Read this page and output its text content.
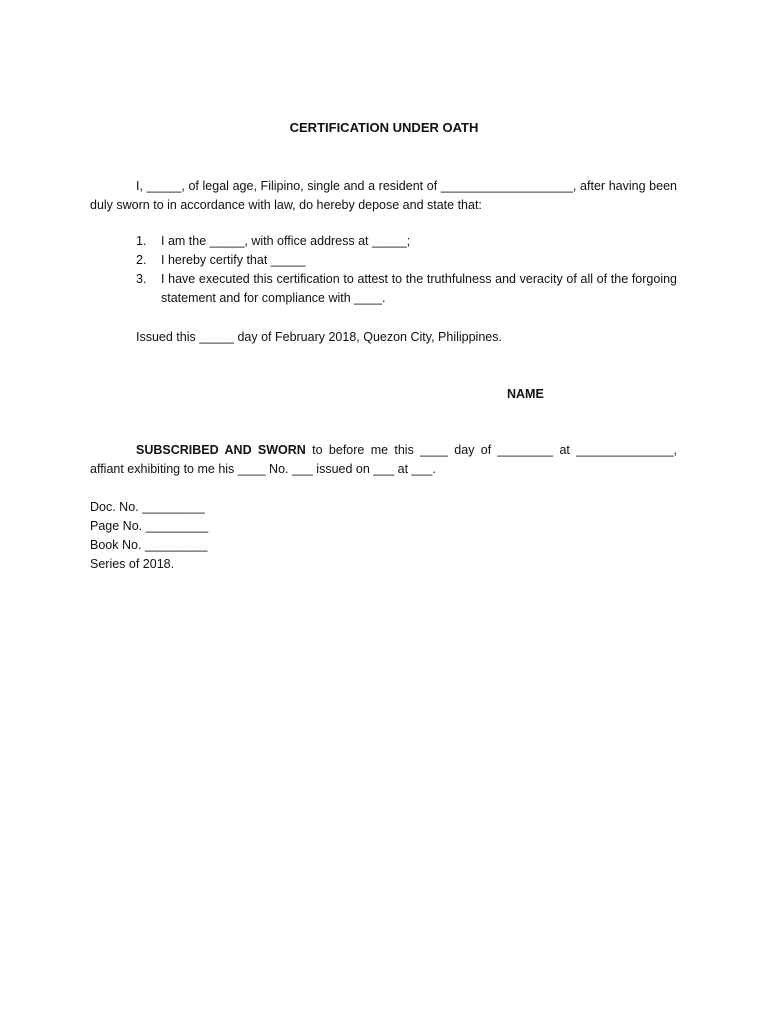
CERTIFICATION UNDER OATH

I, _____, of legal age, Filipino, single and a resident of ___________________, after having been duly sworn to in accordance with law, do hereby depose and state that:

1. I am the _____, with office address at _____;
2. I hereby certify that _____
3. I have executed this certification to attest to the truthfulness and veracity of all of the forgoing statement and for compliance with ____.

Issued this _____ day of February 2018, Quezon City, Philippines.

NAME

SUBSCRIBED AND SWORN to before me this ____ day of ________ at ______________, affiant exhibiting to me his ____ No. ___ issued on ___ at ___.

Doc. No. _________
Page No. _________
Book No. _________
Series of 2018.
